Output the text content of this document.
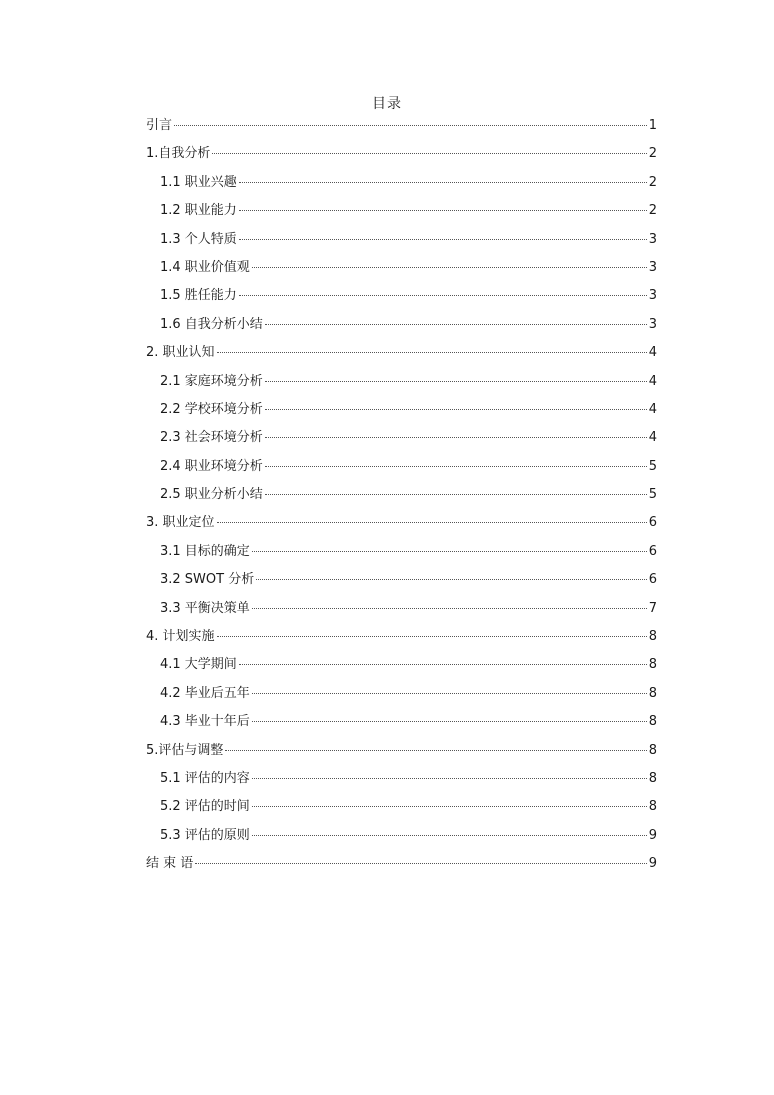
目录
引言	1
1.自我分析	2
1.1 职业兴趣	2
1.2 职业能力	2
1.3 个人特质	3
1.4 职业价值观	3
1.5 胜任能力	3
1.6 自我分析小结	3
2. 职业认知	4
2.1 家庭环境分析	4
2.2 学校环境分析	4
2.3 社会环境分析	4
2.4 职业环境分析	5
2.5 职业分析小结	5
3. 职业定位	6
3.1 目标的确定	6
3.2 SWOT 分析	6
3.3 平衡决策单	7
4. 计划实施	8
4.1 大学期间	8
4.2 毕业后五年	8
4.3 毕业十年后	8
5.评估与调整	8
5.1 评估的内容	8
5.2 评估的时间	8
5.3 评估的原则	9
结 束 语	9
